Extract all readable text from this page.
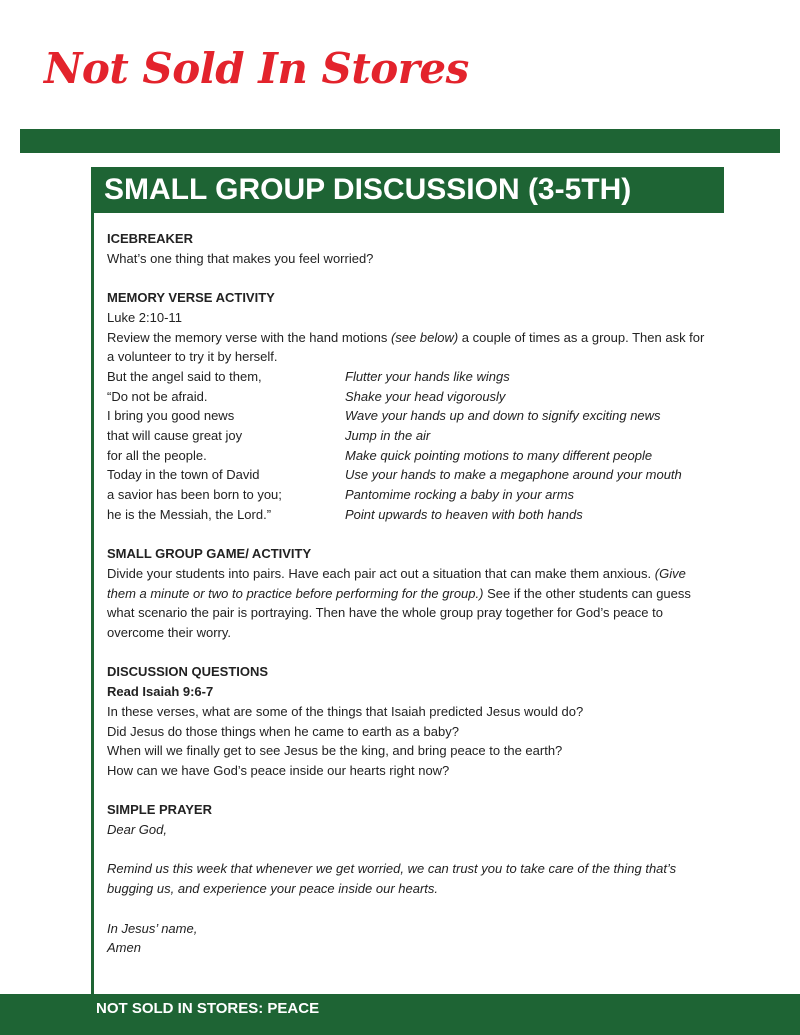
Not Sold In Stores
SMALL GROUP DISCUSSION (3-5TH)

ICEBREAKER

What’s one thing that makes you feel worried?

MEMORY VERSE ACTIVITY

Luke 2:10-11

Review the memory verse with the hand motions (see below) a couple of times as a group. Then ask for

a volunteer to try it by herself.

But the angel said to them,	Flutter your hands like wings
“Do not be afraid.	Shake your head vigorously
I bring you good news	Wave your hands up and down to signify exciting news
that will cause great joy	Jump in the air
for all the people.	Make quick pointing motions to many different people
Today in the town of David	Use your hands to make a megaphone around your mouth
a savior has been born to you;	Pantomime rocking a baby in your arms
he is the Messiah, the Lord.”	Point upwards to heaven with both hands

SMALL GROUP GAME/ ACTIVITY

Divide your students into pairs. Have each pair act out a situation that can make them anxious. (Give

them a minute or two to practice before performing for the group.) See if the other students can guess

what scenario the pair is portraying. Then have the whole group pray together for God’s peace to

overcome their worry.

DISCUSSION QUESTIONS

Read Isaiah 9:6-7

In these verses, what are some of the things that Isaiah predicted Jesus would do?

Did Jesus do those things when he came to earth as a baby?

When will we finally get to see Jesus be the king, and bring peace to the earth?

How can we have God’s peace inside our hearts right now?

SIMPLE PRAYER

Dear God,

Remind us this week that whenever we get worried, we can trust you to take care of the thing that’s

bugging us, and experience your peace inside our hearts.

In Jesus’ name,

Amen

NOT SOLD IN STORES: PEACE
